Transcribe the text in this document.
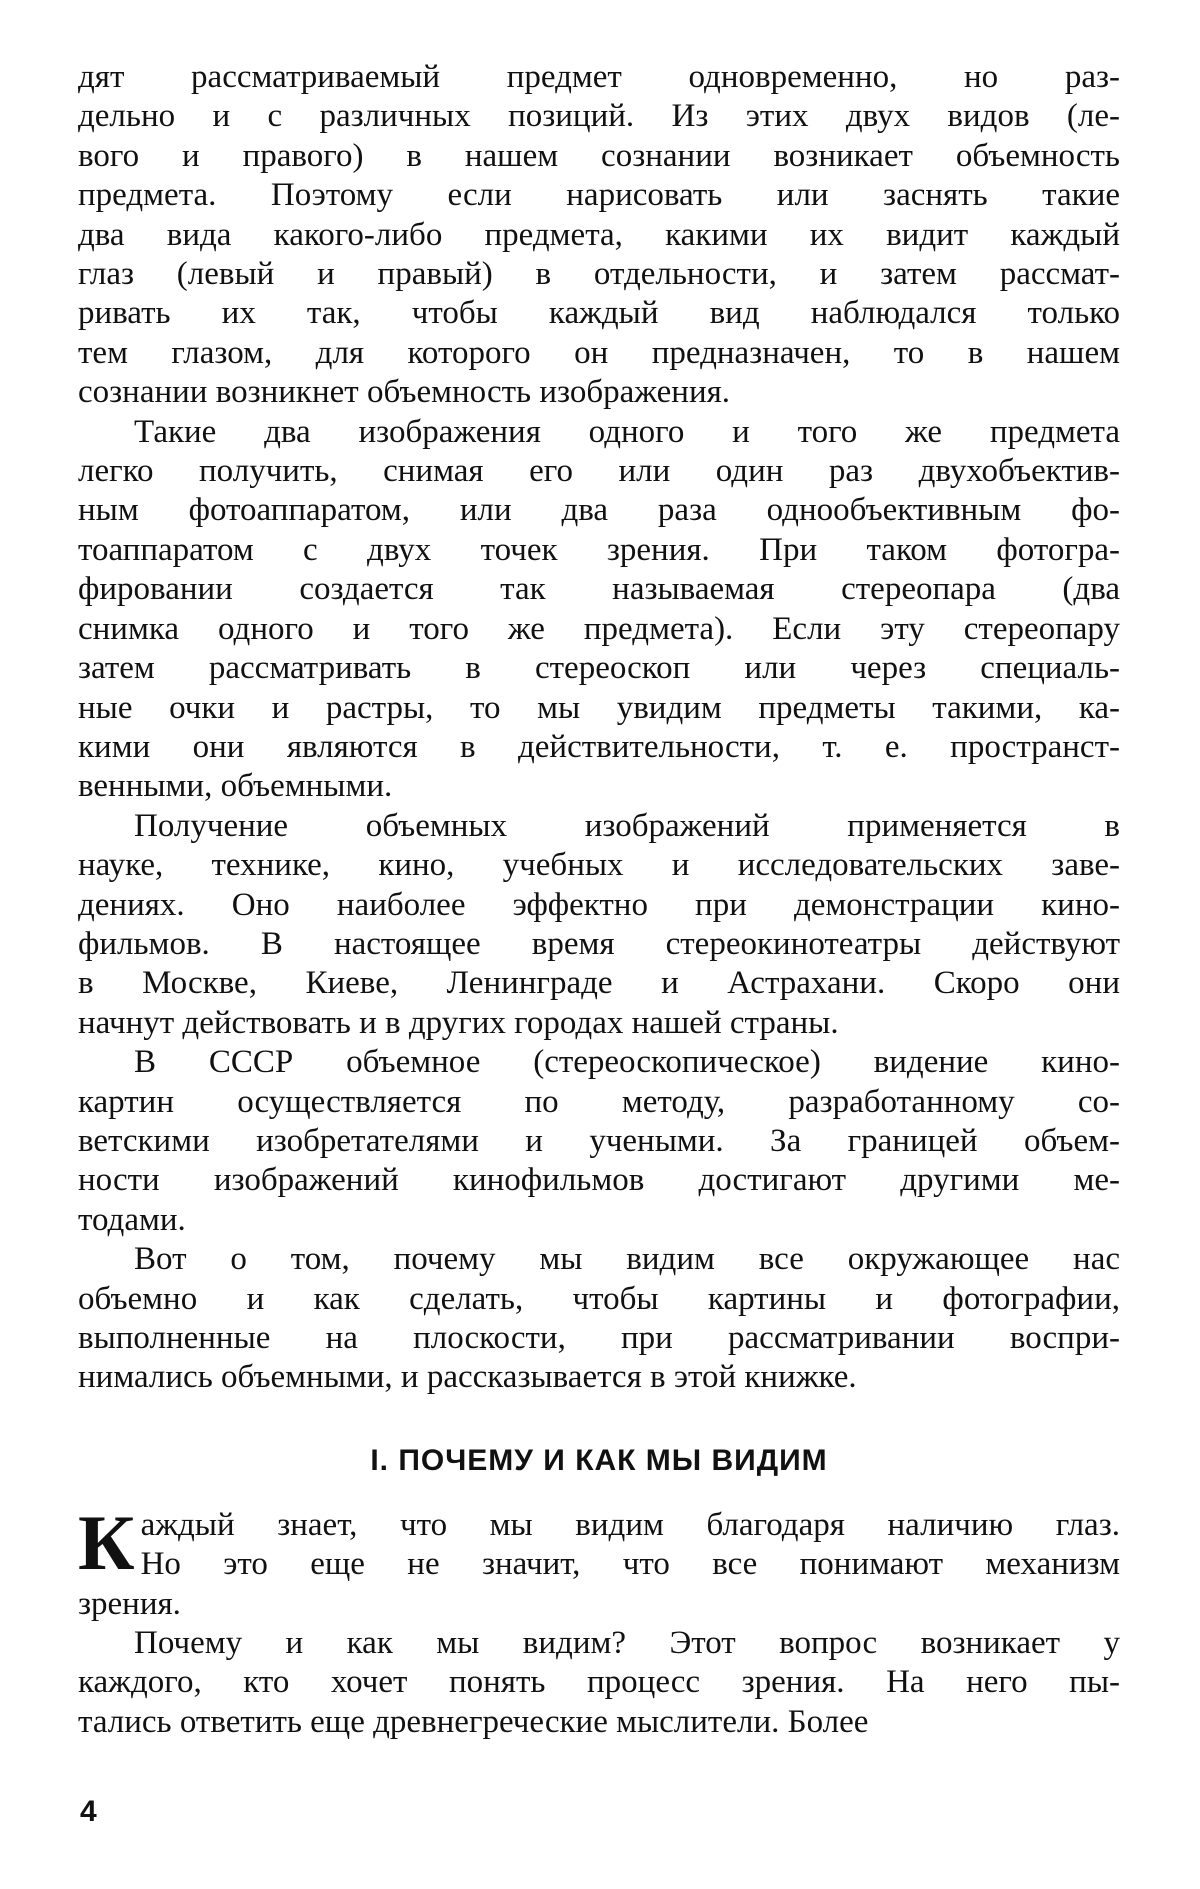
дят рассматриваемый предмет одновременно, но раз-
дельно и с различных позиций. Из этих двух видов (ле-
вого и правого) в нашем сознании возникает объемность
предмета. Поэтому если нарисовать или заснять такие
два вида какого-либо предмета, какими их видит каждый
глаз (левый и правый) в отдельности, и затем рассмат-
ривать их так, чтобы каждый вид наблюдался только
тем глазом, для которого он предназначен, то в нашем
сознании возникнет объемность изображения.

Такие два изображения одного и того же предмета
легко получить, снимая его или один раз двухобъектив-
ным фотоаппаратом, или два раза однообъективным фо-
тоаппаратом с двух точек зрения. При таком фотогра-
фировании создается так называемая стереопара (два
снимка одного и того же предмета). Если эту стереопару
затем рассматривать в стереоскоп или через специаль-
ные очки и растры, то мы увидим предметы такими, ка-
кими они являются в действительности, т. е. пространст-
венными, объемными.

Получение объемных изображений применяется в
науке, технике, кино, учебных и исследовательских заве-
дениях. Оно наиболее эффектно при демонстрации кино-
фильмов. В настоящее время стереокинотеатры действуют
в Москве, Киеве, Ленинграде и Астрахани. Скоро они
начнут действовать и в других городах нашей страны.

В СССР объемное (стереоскопическое) видение кино-
картин осуществляется по методу, разработанному со-
ветскими изобретателями и учеными. За границей объем-
ности изображений кинофильмов достигают другими ме-
тодами.

Вот о том, почему мы видим все окружающее нас
объемно и как сделать, чтобы картины и фотографии,
выполненные на плоскости, при рассматривании воспри-
нимались объемными, и рассказывается в этой книжке.

I. ПОЧЕМУ И КАК МЫ ВИДИМ
К аждый знает, что мы видим благодаря наличию глаз.
Но это еще не значит, что все понимают механизм
зрения.

Почему и как мы видим? Этот вопрос возникает у
каждого, кто хочет понять процесс зрения. На него пы-
тались ответить еще древнегреческие мыслители. Более

4
